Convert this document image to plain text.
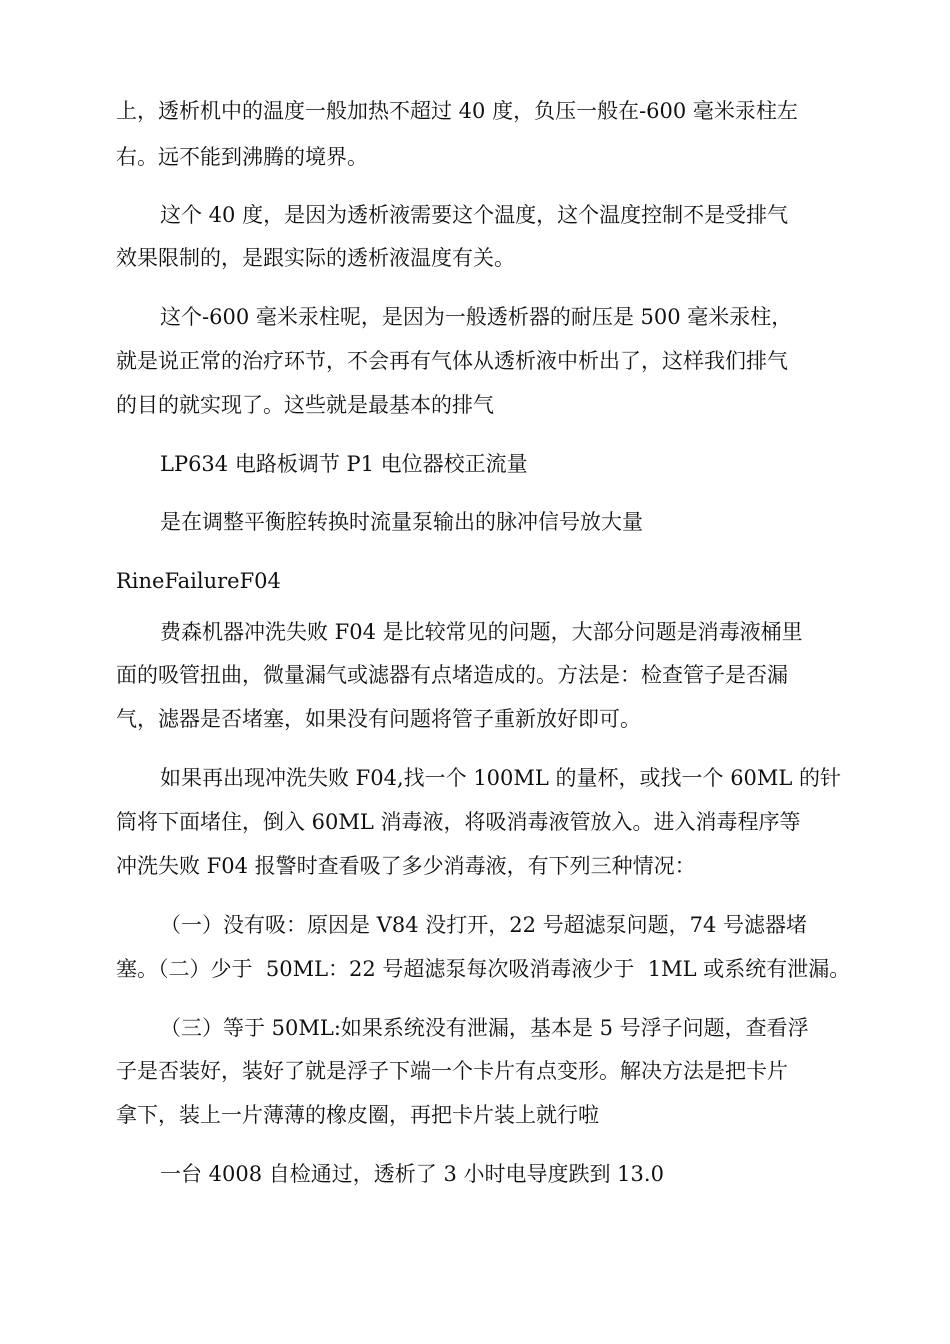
上，透析机中的温度一般加热不超过 40 度，负压一般在-600 毫米汞柱左
右。远不能到沸腾的境界。
这个 40 度，是因为透析液需要这个温度，这个温度控制不是受排气
效果限制的，是跟实际的透析液温度有关。
这个-600 毫米汞柱呢，是因为一般透析器的耐压是 500 毫米汞柱，
就是说正常的治疗环节，不会再有气体从透析液中析出了，这样我们排气
的目的就实现了。这些就是最基本的排气
LP634 电路板调节 P1 电位器校正流量
是在调整平衡腔转换时流量泵输出的脉冲信号放大量
RineFailureF04
费森机器冲洗失败 F04 是比较常见的问题，大部分问题是消毒液桶里
面的吸管扭曲，微量漏气或滤器有点堵造成的。方法是：检查管子是否漏
气，滤器是否堵塞，如果没有问题将管子重新放好即可。
如果再出现冲洗失败 F04,找一个 100ML 的量杯，或找一个 60ML 的针
筒将下面堵住，倒入 60ML 消毒液，将吸消毒液管放入。进入消毒程序等
冲洗失败 F04 报警时查看吸了多少消毒液，有下列三种情况：
（一）没有吸：原因是 V84 没打开，22 号超滤泵问题，74 号滤器堵
塞。（二）少于  50ML：22 号超滤泵每次吸消毒液少于  1ML 或系统有泄漏。
（三）等于 50ML:如果系统没有泄漏，基本是 5 号浮子问题，查看浮
子是否装好，装好了就是浮子下端一个卡片有点变形。解决方法是把卡片
拿下，装上一片薄薄的橡皮圈，再把卡片装上就行啦
一台 4008 自检通过，透析了 3 小时电导度跌到 13.0
